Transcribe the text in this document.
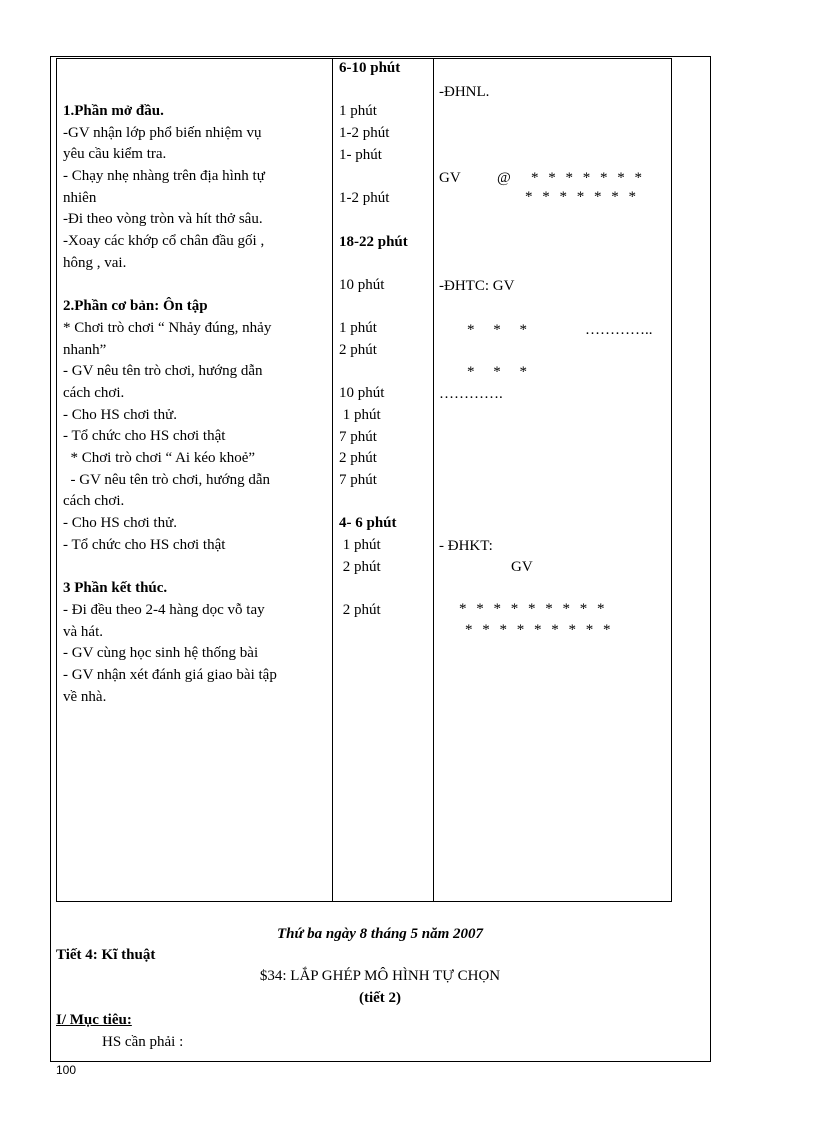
1.Phần mở đầu.
-GV nhận lớp phổ biến nhiệm vụ
yêu cầu kiểm tra.
- Chạy nhẹ nhàng trên địa hình tự
nhiên
-Đi theo vòng tròn và hít thở sâu.
-Xoay các khớp cổ chân đầu gối ,
hông , vai.
2.Phần cơ bản: Ôn tập
* Chơi trò chơi “ Nhảy đúng, nhảy
nhanh”
- GV nêu tên trò chơi, hướng dẫn
cách chơi.
- Cho HS chơi thử.
- Tổ chức cho HS chơi thật
* Chơi trò chơi “ Ai kéo khoẻ”
- GV nêu tên trò chơi, hướng dẫn
cách chơi.
- Cho HS chơi thử.
- Tổ chức cho HS chơi thật
3 Phần kết thúc.
- Đi đều theo 2-4 hàng dọc vỗ tay
và hát.
- GV cùng học sinh hệ thống bài
- GV nhận xét đánh giá giao bài tập
về nhà.
6-10 phút
1 phút
1-2 phút
1- phút
1-2 phút
18-22 phút
10 phút
1 phút
2 phút
10 phút
1 phút
7 phút
2 phút
7 phút
4- 6 phút
1 phút
2 phút
2 phút
-ĐHNL.
GV @ * * * * * * *
* * * * * * *
-ĐHTC: GV
*     *     *	…………..
*     *     *
………….
- ĐHKT:
GV
* * * * * * * * *
* * * * * * * * *
Thứ ba ngày 8 tháng 5 năm 2007
Tiết 4: Kĩ thuật
$34: LẮP GHÉP MÔ HÌNH TỰ CHỌN
(tiết 2)
I/ Mục tiêu:
HS cần phải :
100
